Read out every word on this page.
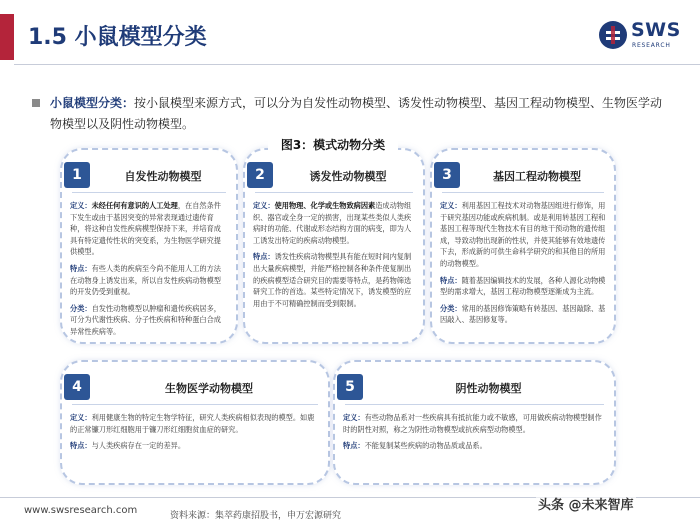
1.5 小鼠模型分类	SWS
RESEARCH
小鼠模型分类：按小鼠模型来源方式，可以分为自发性动物模型、诱发性动物模型、基因工程动物模型、生物医学动物模型以及阴性动物模型。
图3：模式动物分类
1	自发性动物模型

定义：未经任何有意识的人工处理，在自然条件下发生或由于基因突变的异常表现通过遗传育种，将这种自发性疾病模型保持下来，并培育成具有特定遗传性状的突变系，为生物医学研究提供模型。

特点：有些人类的疾病至今尚不能用人工的方法在动物身上诱发出来，所以自发性疾病动物模型的开发仍受到重视。

分类：自发性动物模型以肿瘤和遗传疾病居多，可分为代谢性疾病、分子性疾病和特种蛋白合成异常性疾病等。

2	诱发性动物模型

定义：使用物理、化学或生物致病因素造成动物组织、器官或全身一定的损害，出现某些类似人类疾病时的功能、代谢或形态结构方面的病变，即为人工诱发出特定的疾病动物模型。

特点：诱发性疾病动物模型具有能在短时间内复制出大量疾病模型，并能严格控制各种条件使复制出的疾病模型适合研究目的需要等特点，是药物筛选研究工作的首选。某些特定情况下，诱发模型的应用由于不可精确控制而受到限制。

3	基因工程动物模型

定义：利用基因工程技术对动物基因组进行修饰，用于研究基因功能或疾病机制。或是利用转基因工程和基因工程等现代生物技术有目的地干预动物的遗传组成，导致动物出现新的性状，并使其能够有效地遗传下去，形成新的可供生命科学研究的和其他目的所用的动物模型。

特点：随着基因编辑技术的发展，各种人源化动物模型的需求增大，基因工程动物模型逐渐成为主流。

分类：常用的基因修饰策略有转基因、基因敲除、基因敲入、基因修复等。

4	生物医学动物模型

定义：利用健康生物的特定生物学特征，研究人类疾病相似表现的模型。如鹿的正常镰刀形红细胞用于镰刀形红细胞贫血症的研究。

特点：与人类疾病存在一定的差异。

5	阴性动物模型

定义：有些动物品系对一些疾病具有抵抗能力或不敏感，可用做疾病动物模型制作时的阴性对照，称之为阴性动物模型或抗疾病型动物模型。

特点：不能复制某些疾病的动物品质或品系。

www.swsresearch.com	资料来源：集萃药康招股书，申万宏源研究
头条 @未来智库
